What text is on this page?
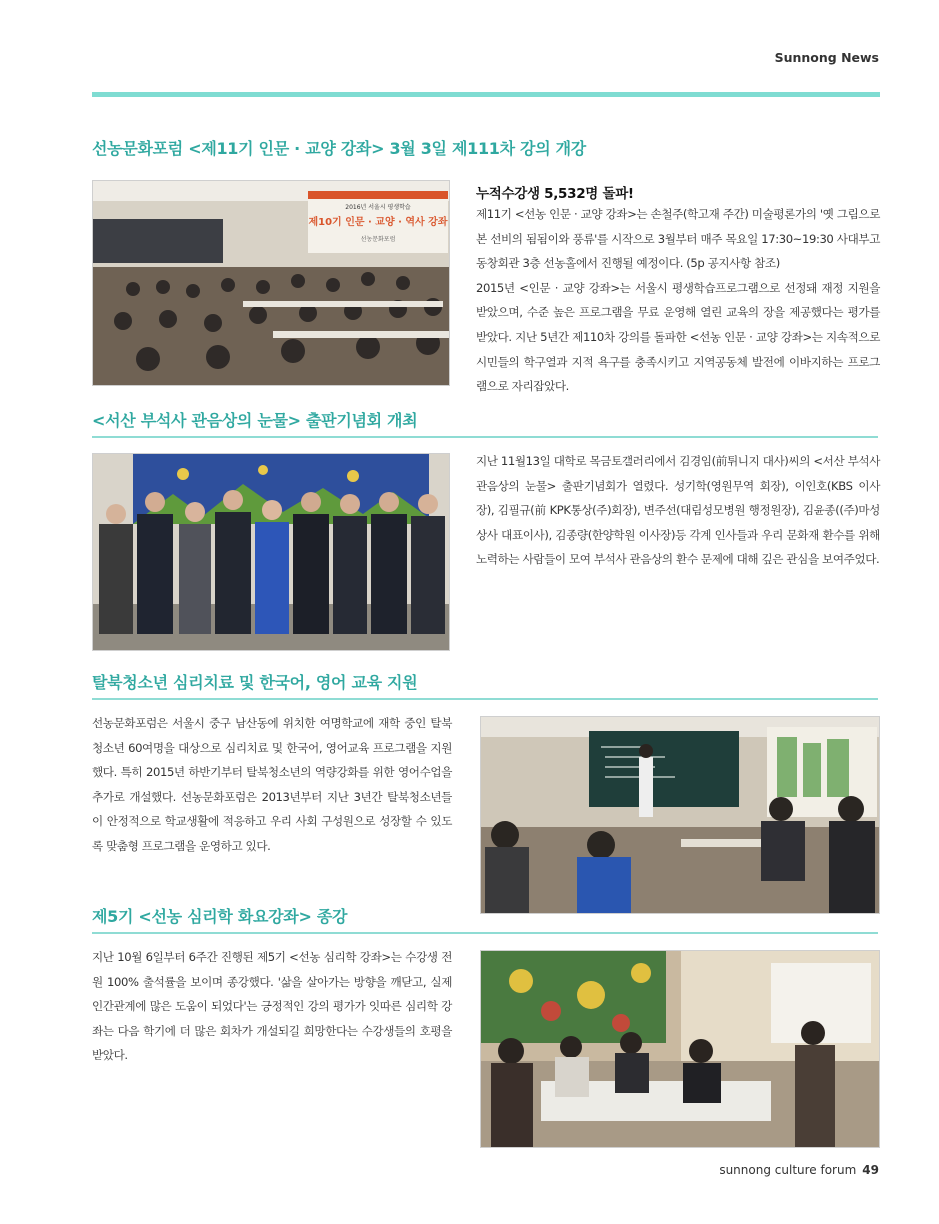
Sunnong News
선농문화포럼 <제11기 인문 · 교양 강좌> 3월 3일 제111차 강의 개강
2016년 서울시 평생학습
제10기 인문 · 교양 · 역사 강좌
선농문화포럼
누적수강생 5,532명 돌파!

제11기 <선농 인문 · 교양 강좌>는 손철주(학고재 주간) 미술평론가의 '옛 그림으로 본 선비의 됨됨이와 풍류'를 시작으로 3월부터 매주 목요일 17:30~19:30 사대부고 동창회관 3층 선농홀에서 진행될 예정이다. (5p 공지사항 참조)

2015년 <인문 · 교양 강좌>는 서울시 평생학습프로그램으로 선정돼 재정 지원을 받았으며, 수준 높은 프로그램을 무료 운영해 열린 교육의 장을 제공했다는 평가를 받았다. 지난 5년간 제110차 강의를 돌파한 <선농 인문 · 교양 강좌>는 지속적으로 시민들의 학구열과 지적 욕구를 충족시키고 지역공동체 발전에 이바지하는 프로그램으로 자리잡았다.

<서산 부석사 관음상의 눈물> 출판기념회 개최

지난 11월13일 대학로 목금토갤러리에서 김경임(前튀니지 대사)씨의 <서산 부석사 관음상의 눈물> 출판기념회가 열렸다. 성기학(영원무역 회장), 이인호(KBS 이사장), 김필규(前 KPK통상(주)회장), 변주선(대림성모병원 행정원장), 김윤종((주)마성상사 대표이사), 김종량(한양학원 이사장)등 각계 인사들과 우리 문화재 환수를 위해 노력하는 사람들이 모여 부석사 관음상의 환수 문제에 대해 깊은 관심을 보여주었다.

탈북청소년 심리치료 및 한국어, 영어 교육 지원

선농문화포럼은 서울시 중구 남산동에 위치한 여명학교에 재학 중인 탈북청소년 60여명을 대상으로 심리치료 및 한국어, 영어교육 프로그램을 지원했다. 특히 2015년 하반기부터 탈북청소년의 역량강화를 위한 영어수업을 추가로 개설했다. 선농문화포럼은 2013년부터 지난 3년간 탈북청소년들이 안정적으로 학교생활에 적응하고 우리 사회 구성원으로 성장할 수 있도록 맞춤형 프로그램을 운영하고 있다.

제5기 <선농 심리학 화요강좌> 종강

지난 10월 6일부터 6주간 진행된 제5기 <선농 심리학 강좌>는 수강생 전원 100% 출석률을 보이며 종강했다. '삶을 살아가는 방향을 깨닫고, 실제 인간관계에 많은 도움이 되었다'는 긍정적인 강의 평가가 잇따른 심리학 강좌는 다음 학기에 더 많은 회차가 개설되길 희망한다는 수강생들의 호평을 받았다.

sunnong culture forum 49
